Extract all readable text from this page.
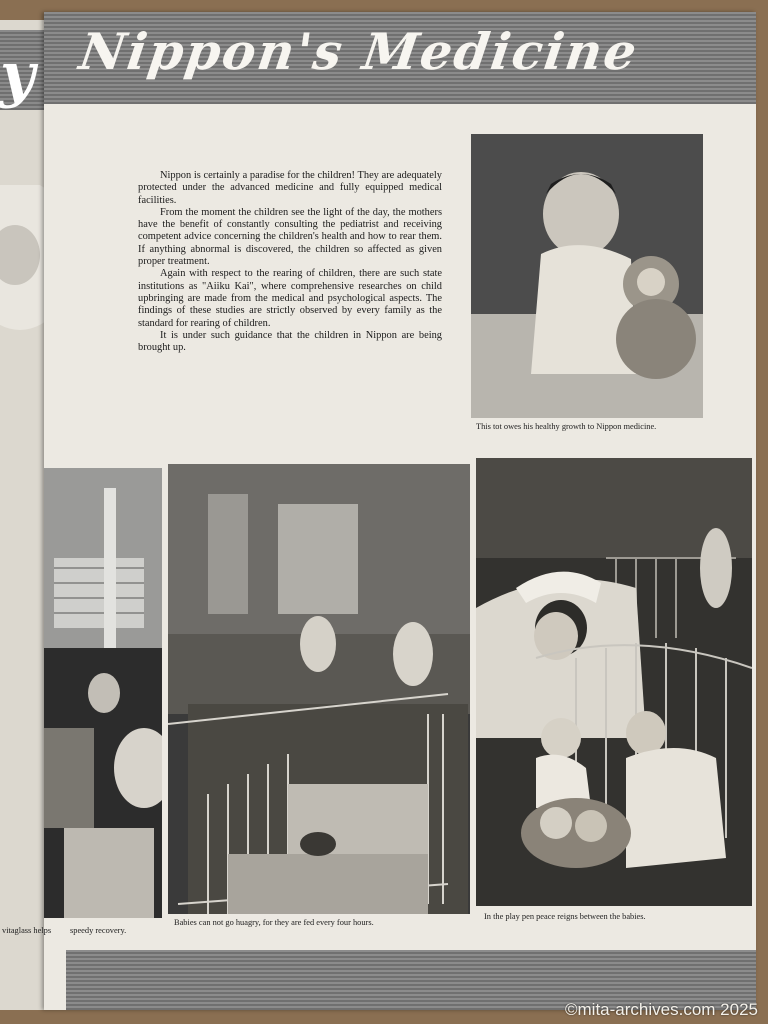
y Nippon's Medicine

Nippon is certainly a paradise for the children! They are adequately protected under the advanced medicine and fully equipped medical facilities.

From the moment the children see the light of the day, the mothers have the benefit of constantly consulting the pediatrist and receiving competent advice concerning the children's health and how to rear them. If anything abnormal is discovered, the children so affected as given proper treatment.

Again with respect to the rearing of children, there are such state institutions as "Aiiku Kai", where comprehensive researches on child upbringing are made from the medical and psychological aspects. The findings of these studies are strictly observed by every family as the standard for rearing of children.

It is under such guidance that the children in Nippon are being brought up.

This tot owes his healthy growth to Nippon medicine.
Babies can not go huagry, for they are fed every four hours.
In the play pen peace reigns between the babies.
vitaglass helps speedy recovery.
©mita-archives.com 2025
